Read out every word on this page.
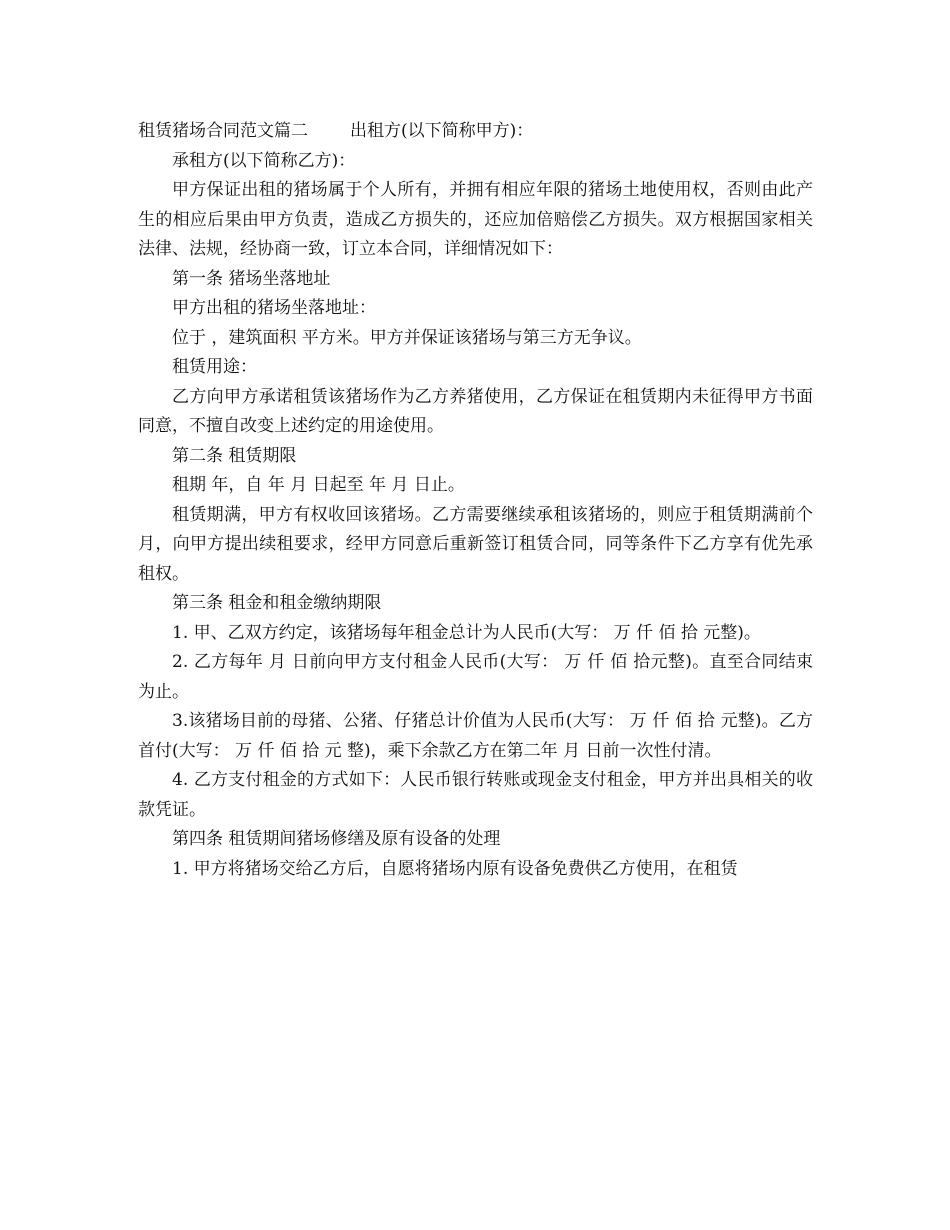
租赁猪场合同范文篇二 出租方(以下简称甲方)：

承租方(以下简称乙方)：

甲方保证出租的猪场属于个人所有，并拥有相应年限的猪场土地使用权，否则由此产生的相应后果由甲方负责，造成乙方损失的，还应加倍赔偿乙方损失。双方根据国家相关法律、法规，经协商一致，订立本合同，详细情况如下：

第一条 猪场坐落地址

甲方出租的猪场坐落地址：

位于 ，建筑面积 平方米。甲方并保证该猪场与第三方无争议。

租赁用途：

乙方向甲方承诺租赁该猪场作为乙方养猪使用，乙方保证在租赁期内未征得甲方书面同意，不擅自改变上述约定的用途使用。

第二条 租赁期限

租期 年，自 年 月 日起至 年 月 日止。

租赁期满，甲方有权收回该猪场。乙方需要继续承租该猪场的，则应于租赁期满前个月，向甲方提出续租要求，经甲方同意后重新签订租赁合同，同等条件下乙方享有优先承租权。

第三条 租金和租金缴纳期限

1. 甲、乙双方约定，该猪场每年租金总计为人民币(大写： 万 仟 佰 拾 元整)。

2. 乙方每年 月 日前向甲方支付租金人民币(大写： 万 仟 佰 拾元整)。直至合同结束为止。

3.该猪场目前的母猪、公猪、仔猪总计价值为人民币(大写： 万 仟 佰 拾 元整)。乙方首付(大写： 万 仟 佰 拾 元 整)，乘下余款乙方在第二年 月 日前一次性付清。

4. 乙方支付租金的方式如下：人民币银行转账或现金支付租金，甲方并出具相关的收款凭证。

第四条 租赁期间猪场修缮及原有设备的处理

1. 甲方将猪场交给乙方后，自愿将猪场内原有设备免费供乙方使用，在租赁
